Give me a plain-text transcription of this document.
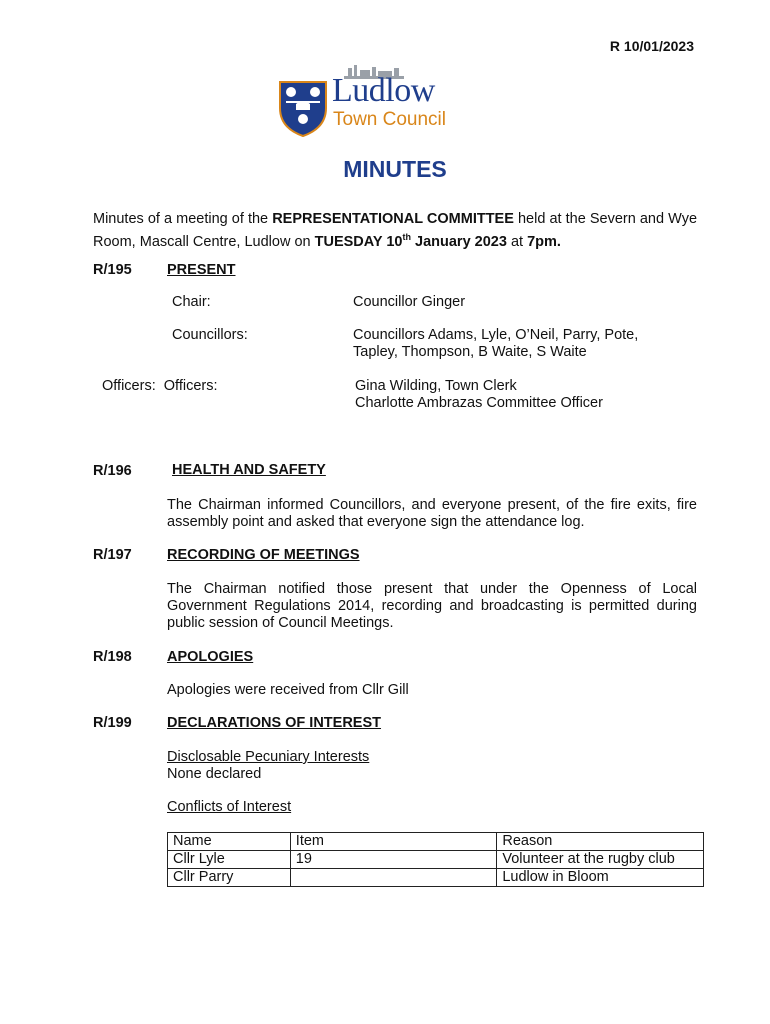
R 10/01/2023
Ludlow
Town Council
MINUTES
Minutes of a meeting of the REPRESENTATIONAL COMMITTEE held at the Severn and Wye Room, Mascall Centre, Ludlow on TUESDAY 10th January 2023 at 7pm.
R/195 PRESENT
Chair:	Councillor Ginger
Councillors:	Councillors Adams, Lyle, O’Neil, Parry, Pote,
Tapley, Thompson, B Waite, S Waite
Officers:  Officers:	Gina Wilding, Town Clerk
Charlotte Ambrazas Committee Officer
R/196	HEALTH AND SAFETY
The Chairman informed Councillors, and everyone present, of the fire exits, fire assembly point and asked that everyone sign the attendance log.
R/197 RECORDING OF MEETINGS
The Chairman notified those present that under the Openness of Local Government Regulations 2014, recording and broadcasting is permitted during public session of Council Meetings.
R/198 APOLOGIES
Apologies were received from Cllr Gill
R/199 DECLARATIONS OF INTEREST
Disclosable Pecuniary Interests
None declared
Conflicts of Interest
Name	Item	Reason
Cllr Lyle	19	Volunteer at the rugby club
Cllr Parry		Ludlow in Bloom
